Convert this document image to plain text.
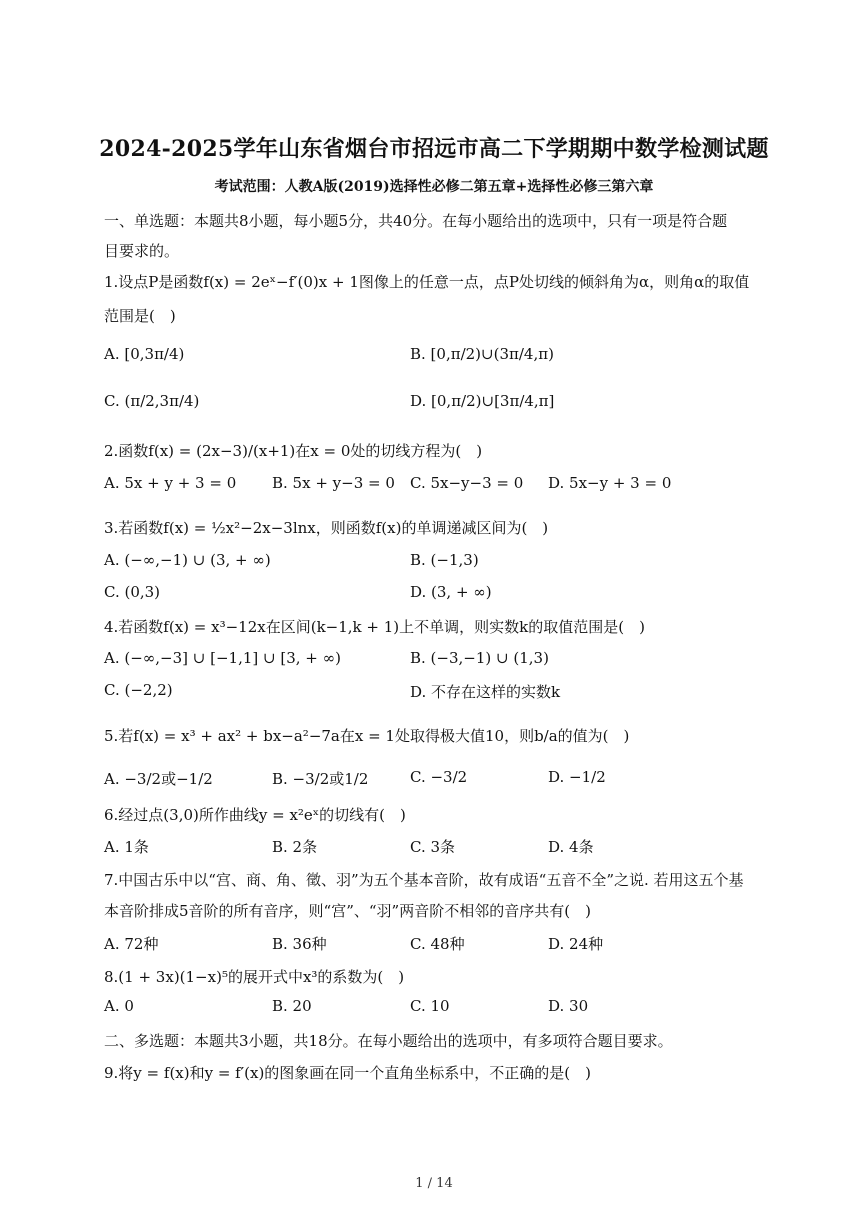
2024-2025学年山东省烟台市招远市高二下学期期中数学检测试题
考试范围：人教A版(2019)选择性必修二第五章+选择性必修三第六章
一、单选题：本题共8小题，每小题5分，共40分。在每小题给出的选项中，只有一项是符合题
目要求的。
1.设点P是函数f(x) = 2eˣ−f′(0)x + 1图像上的任意一点，点P处切线的倾斜角为α，则角α的取值
范围是(　)
A. [0,3π/4)	B. [0,π/2)∪(3π/4,π)
C. (π/2,3π/4)	D. [0,π/2)∪[3π/4,π]
2.函数f(x) = (2x−3)/(x+1)在x = 0处的切线方程为(　)
A. 5x + y + 3 = 0 B. 5x + y−3 = 0 C. 5x−y−3 = 0 D. 5x−y + 3 = 0
3.若函数f(x) = ½x²−2x−3lnx，则函数f(x)的单调递减区间为(　)
A. (−∞,−1) ∪ (3, + ∞)	B. (−1,3)
C. (0,3)	D. (3, + ∞)
4.若函数f(x) = x³−12x在区间(k−1,k + 1)上不单调，则实数k的取值范围是(　)
A. (−∞,−3] ∪ [−1,1] ∪ [3, + ∞)	B. (−3,−1) ∪ (1,3)
C. (−2,2)	D. 不存在这样的实数k
5.若f(x) = x³ + ax² + bx−a²−7a在x = 1处取得极大值10，则b/a的值为(　)
A. −3/2或−1/2	B. −3/2或1/2	C. −3/2	D. −1/2
6.经过点(3,0)所作曲线y = x²eˣ的切线有(　)
A. 1条	B. 2条	C. 3条	D. 4条
7.中国古乐中以“宫、商、角、徵、羽”为五个基本音阶，故有成语“五音不全”之说. 若用这五个基
本音阶排成5音阶的所有音序，则“宫”、“羽”两音阶不相邻的音序共有(　)
A. 72种	B. 36种	C. 48种	D. 24种
8.(1 + 3x)(1−x)⁵的展开式中x³的系数为(　)
A. 0	B. 20	C. 10	D. 30
二、多选题：本题共3小题，共18分。在每小题给出的选项中，有多项符合题目要求。
9.将y = f(x)和y = f′(x)的图象画在同一个直角坐标系中，不正确的是(　)
1 / 14
